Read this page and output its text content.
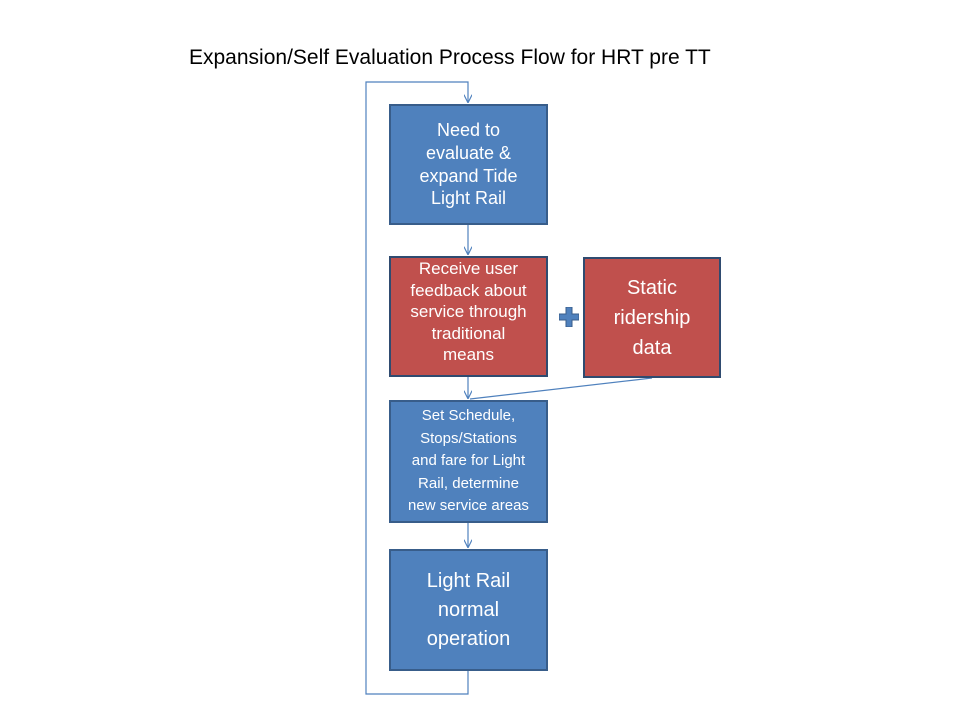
Expansion/Self Evaluation Process Flow for HRT pre TT
Need to
evaluate &
expand Tide
Light Rail
Receive user
feedback about
service through
traditional
means
Static
ridership
data
Set Schedule,
Stops/Stations
and fare for Light
Rail, determine
new service areas
Light Rail
normal
operation
